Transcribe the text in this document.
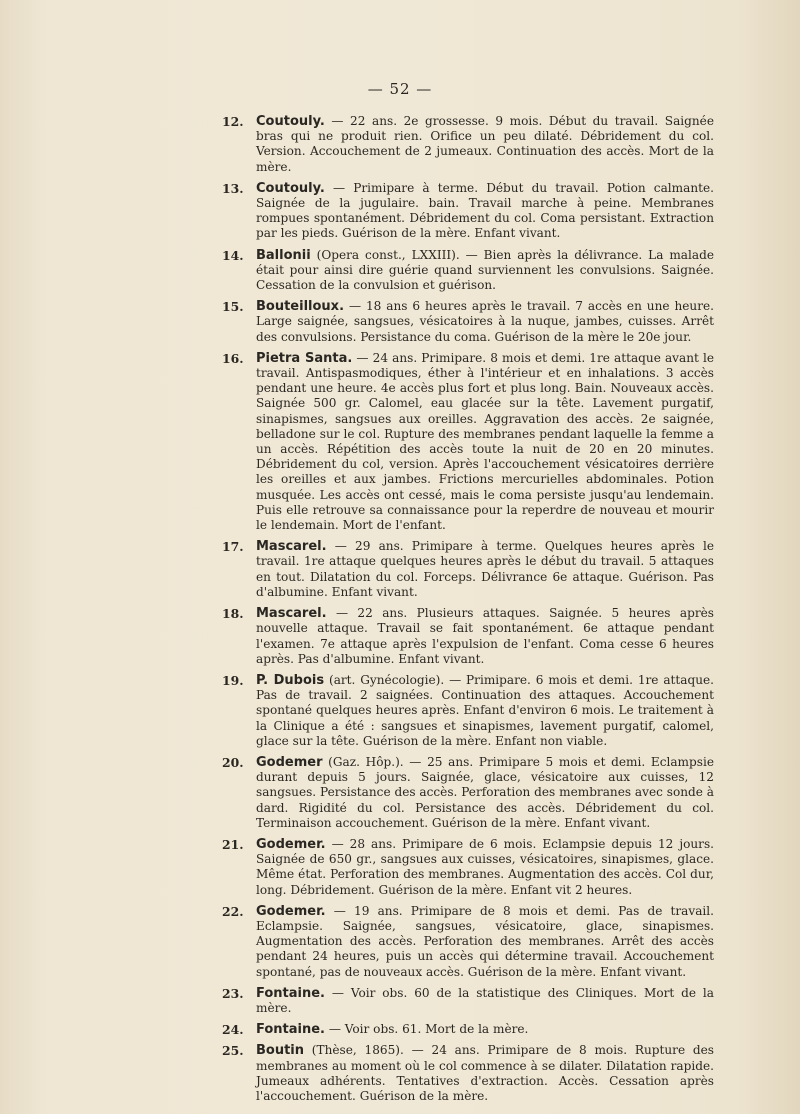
— 52 —
12. Coutouly. — 22 ans. 2e grossesse. 9 mois. Début du travail. Saignée bras qui ne produit rien. Orifice un peu dilaté. Débridement du col. Version. Accouchement de 2 jumeaux. Continuation des accès. Mort de la mère.

13. Coutouly. — Primipare à terme. Début du travail. Potion calmante. Saignée de la jugulaire. bain. Travail marche à peine. Membranes rompues spontanément. Débridement du col. Coma persistant. Extraction par les pieds. Guérison de la mère. Enfant vivant.

14. Ballonii (Opera const., LXXIII). — Bien après la délivrance. La malade était pour ainsi dire guérie quand surviennent les convulsions. Saignée. Cessation de la convulsion et guérison.

15. Bouteilloux. — 18 ans 6 heures après le travail. 7 accès en une heure. Large saignée, sangsues, vésicatoires à la nuque, jambes, cuisses. Arrêt des convulsions. Persistance du coma. Guérison de la mère le 20e jour.

16. Pietra Santa. — 24 ans. Primipare. 8 mois et demi. 1re attaque avant le travail. Antispasmodiques, éther à l'intérieur et en inhalations. 3 accès pendant une heure. 4e accès plus fort et plus long. Bain. Nouveaux accès. Saignée 500 gr. Calomel, eau glacée sur la tête. Lavement purgatif, sinapismes, sangsues aux oreilles. Aggravation des accès. 2e saignée, belladone sur le col. Rupture des membranes pendant laquelle la femme a un accès. Répétition des accès toute la nuit de 20 en 20 minutes. Débridement du col, version. Après l'accouchement vésicatoires derrière les oreilles et aux jambes. Frictions mercurielles abdominales. Potion musquée. Les accès ont cessé, mais le coma persiste jusqu'au lendemain. Puis elle retrouve sa connaissance pour la reperdre de nouveau et mourir le lendemain. Mort de l'enfant.

17. Mascarel. — 29 ans. Primipare à terme. Quelques heures après le travail. 1re attaque quelques heures après le début du travail. 5 attaques en tout. Dilatation du col. Forceps. Délivrance 6e attaque. Guérison. Pas d'albumine. Enfant vivant.

18. Mascarel. — 22 ans. Plusieurs attaques. Saignée. 5 heures après nouvelle attaque. Travail se fait spontanément. 6e attaque pendant l'examen. 7e attaque après l'expulsion de l'enfant. Coma cesse 6 heures après. Pas d'albumine. Enfant vivant.

19. P. Dubois (art. Gynécologie). — Primipare. 6 mois et demi. 1re attaque. Pas de travail. 2 saignées. Continuation des attaques. Accouchement spontané quelques heures après. Enfant d'environ 6 mois. Le traitement à la Clinique a été : sangsues et sinapismes, lavement purgatif, calomel, glace sur la tête. Guérison de la mère. Enfant non viable.

20. Godemer (Gaz. Hôp.). — 25 ans. Primipare 5 mois et demi. Eclampsie durant depuis 5 jours. Saignée, glace, vésicatoire aux cuisses, 12 sangsues. Persistance des accès. Perforation des membranes avec sonde à dard. Rigidité du col. Persistance des accès. Débridement du col. Terminaison accouchement. Guérison de la mère. Enfant vivant.

21. Godemer. — 28 ans. Primipare de 6 mois. Eclampsie depuis 12 jours. Saignée de 650 gr., sangsues aux cuisses, vésicatoires, sinapismes, glace. Même état. Perforation des membranes. Augmentation des accès. Col dur, long. Débridement. Guérison de la mère. Enfant vit 2 heures.

22. Godemer. — 19 ans. Primipare de 8 mois et demi. Pas de travail. Eclampsie. Saignée, sangsues, vésicatoire, glace, sinapismes. Augmentation des accès. Perforation des membranes. Arrêt des accès pendant 24 heures, puis un accès qui détermine travail. Accouchement spontané, pas de nouveaux accès. Guérison de la mère. Enfant vivant.

23. Fontaine. — Voir obs. 60 de la statistique des Cliniques. Mort de la mère.

24. Fontaine. — Voir obs. 61. Mort de la mère.

25. Boutin (Thèse, 1865). — 24 ans. Primipare de 8 mois. Rupture des membranes au moment où le col commence à se dilater. Dilatation rapide. Jumeaux adhérents. Tentatives d'extraction. Accès. Cessation après l'accouchement. Guérison de la mère.
